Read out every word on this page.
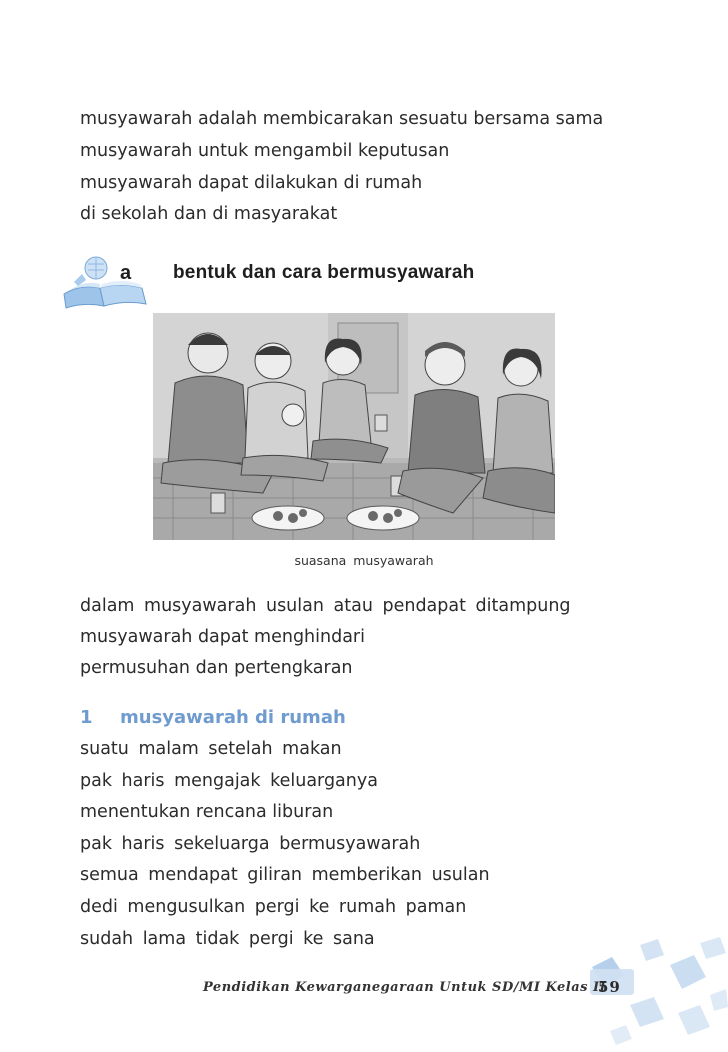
musyawarah adalah membicarakan sesuatu bersama sama
musyawarah untuk mengambil keputusan
musyawarah dapat dilakukan di rumah
di sekolah dan di masyarakat
a bentuk dan cara bermusyawarah
suasana musyawarah
dalam musyawarah usulan atau pendapat ditampung
musyawarah dapat menghindari
permusuhan dan pertengkaran
1 musyawarah di rumah
suatu malam setelah makan
pak haris mengajak keluarganya
menentukan rencana liburan
pak haris sekeluarga bermusyawarah
semua mendapat giliran memberikan usulan
dedi mengusulkan pergi ke rumah paman
sudah lama tidak pergi ke sana
Pendidikan Kewarganegaraan Untuk SD/MI Kelas II
59
